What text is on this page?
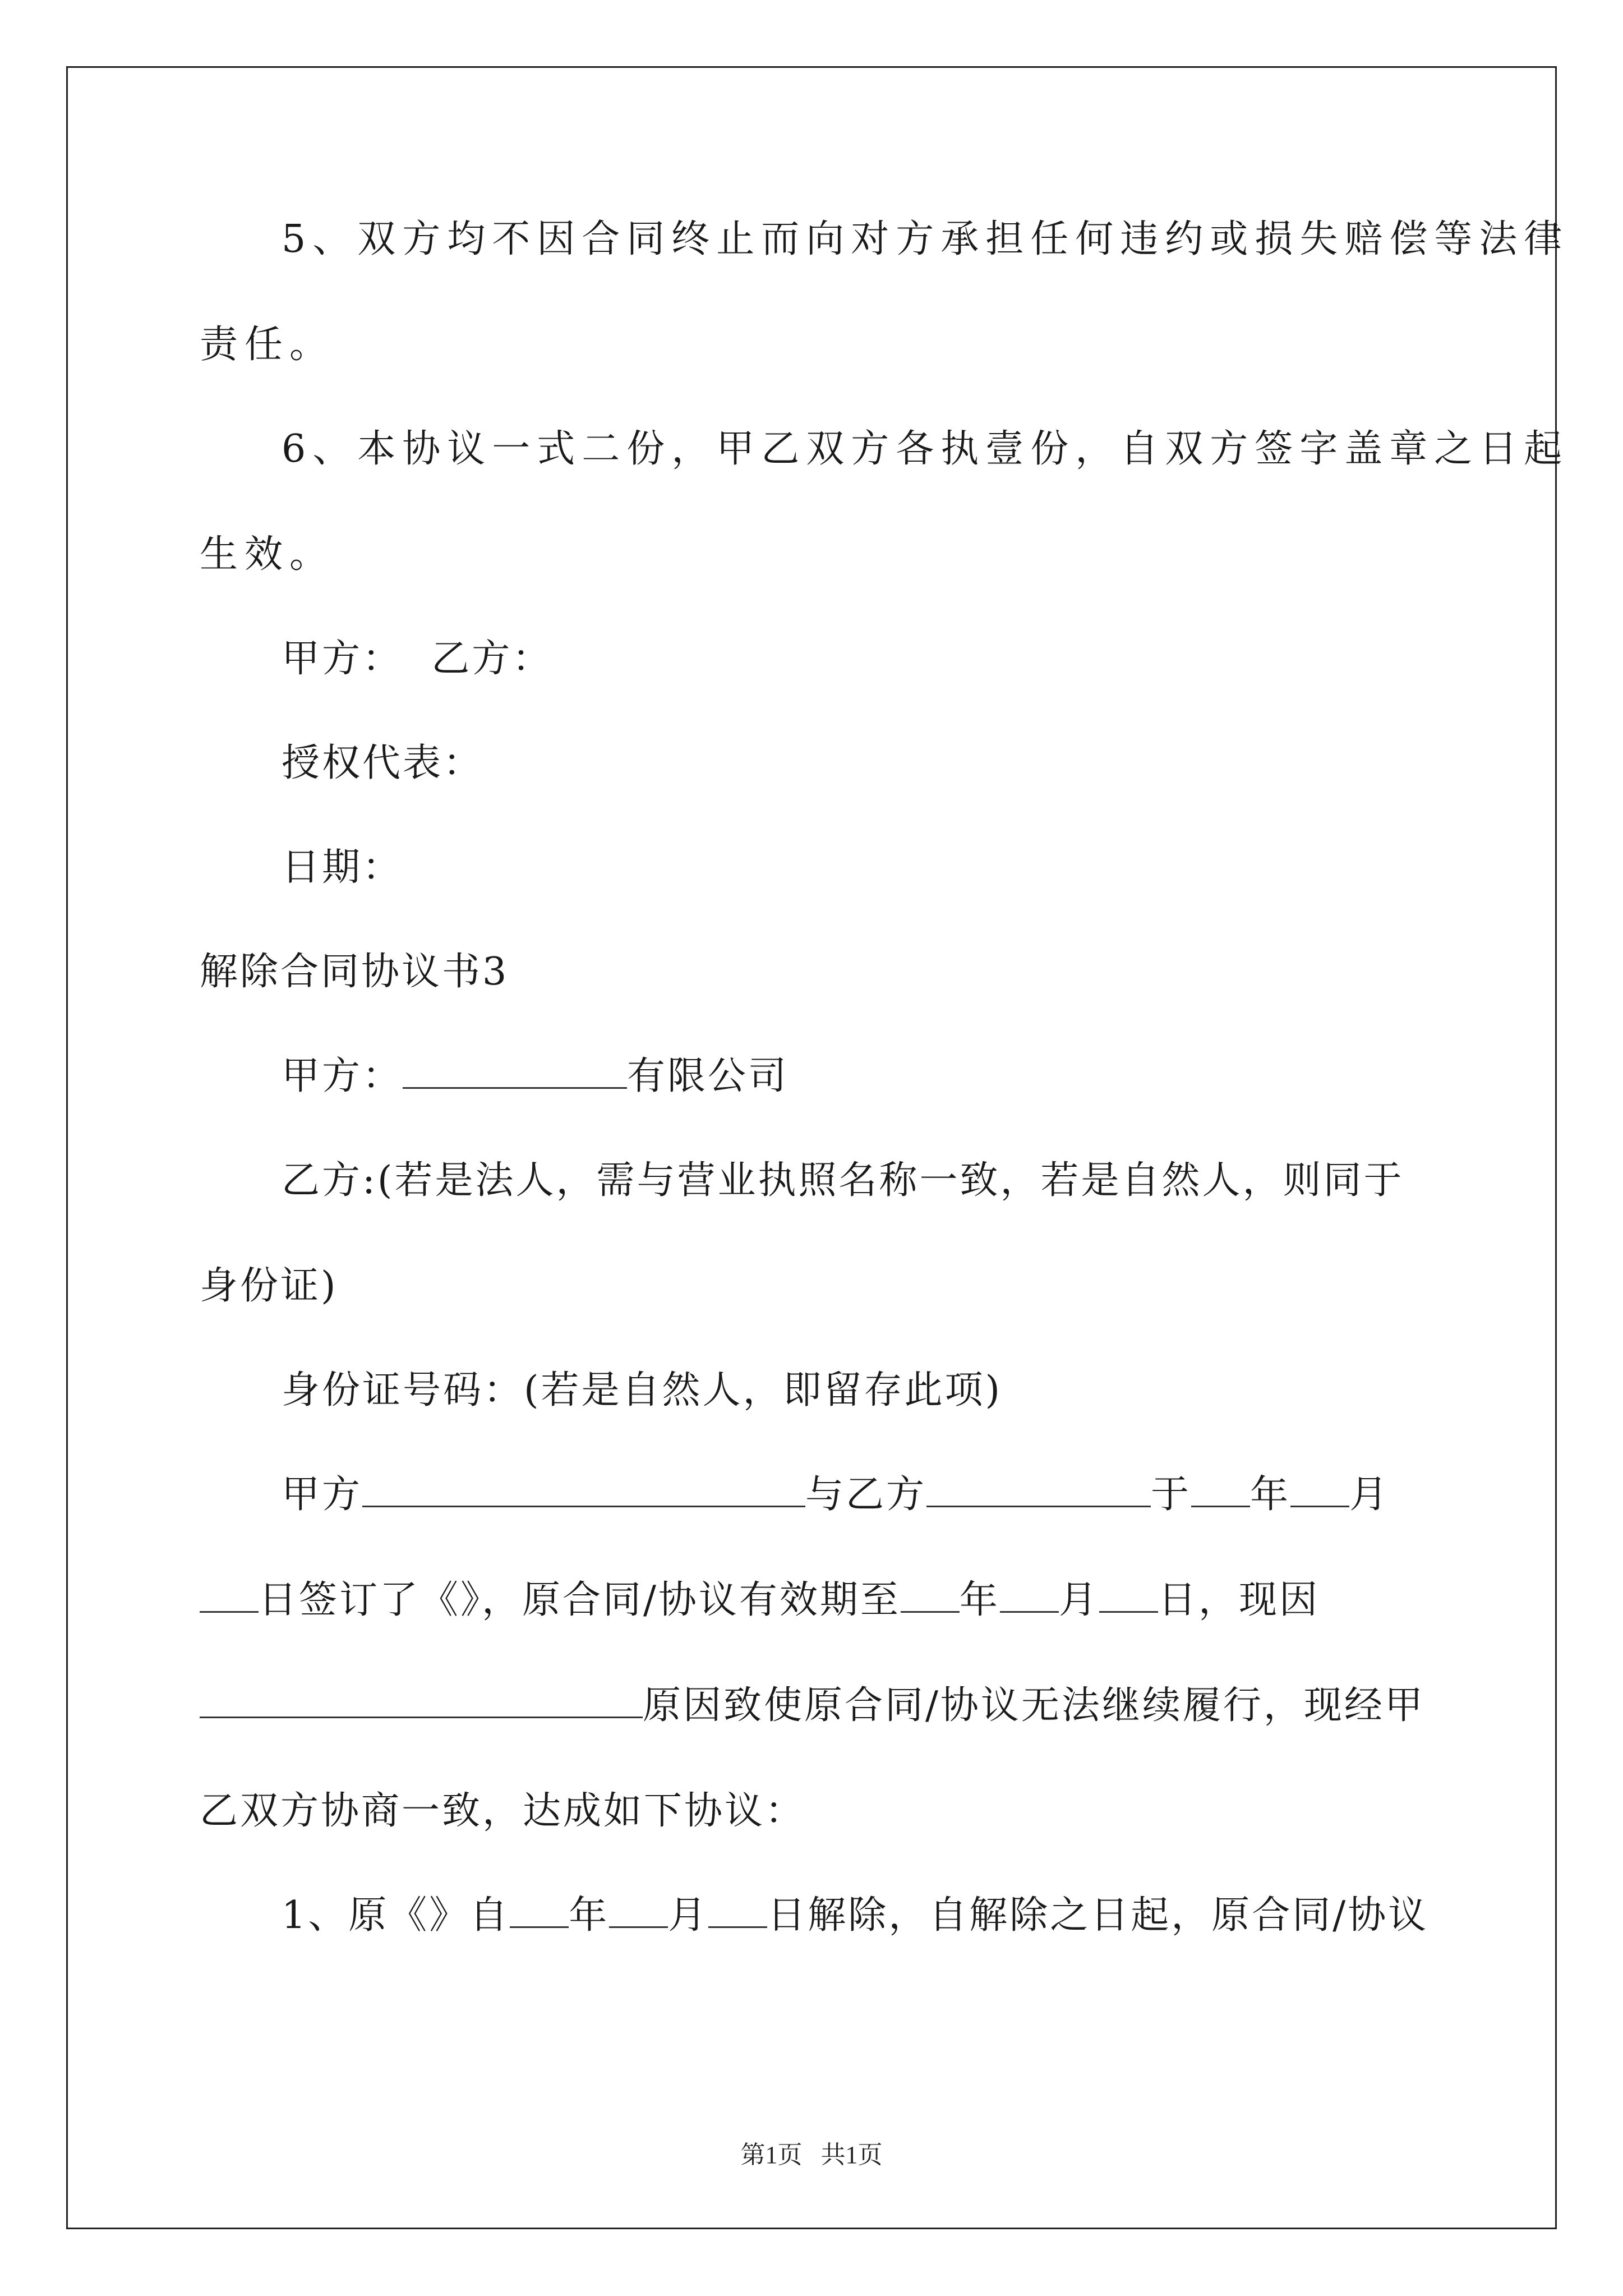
5、双方均不因合同终止而向对方承担任何违约或损失赔偿等法律
责任。
6、本协议一式二份，甲乙双方各执壹份，自双方签字盖章之日起
生效。
甲方：  乙方：
授权代表：
日期：
解除合同协议书3
甲方：	有限公司
乙方:(若是法人，需与营业执照名称一致，若是自然人，则同于
身份证)
身份证号码：(若是自然人，即留存此项)
甲方	与乙方	于 年 月
日签订了《》，原合同/协议有效期至 年 月 日，现因
原因致使原合同/协议无法继续履行，现经甲
乙双方协商一致，达成如下协议：
1、原《》自 年 月 日解除，自解除之日起，原合同/协议
第1页   共1页
